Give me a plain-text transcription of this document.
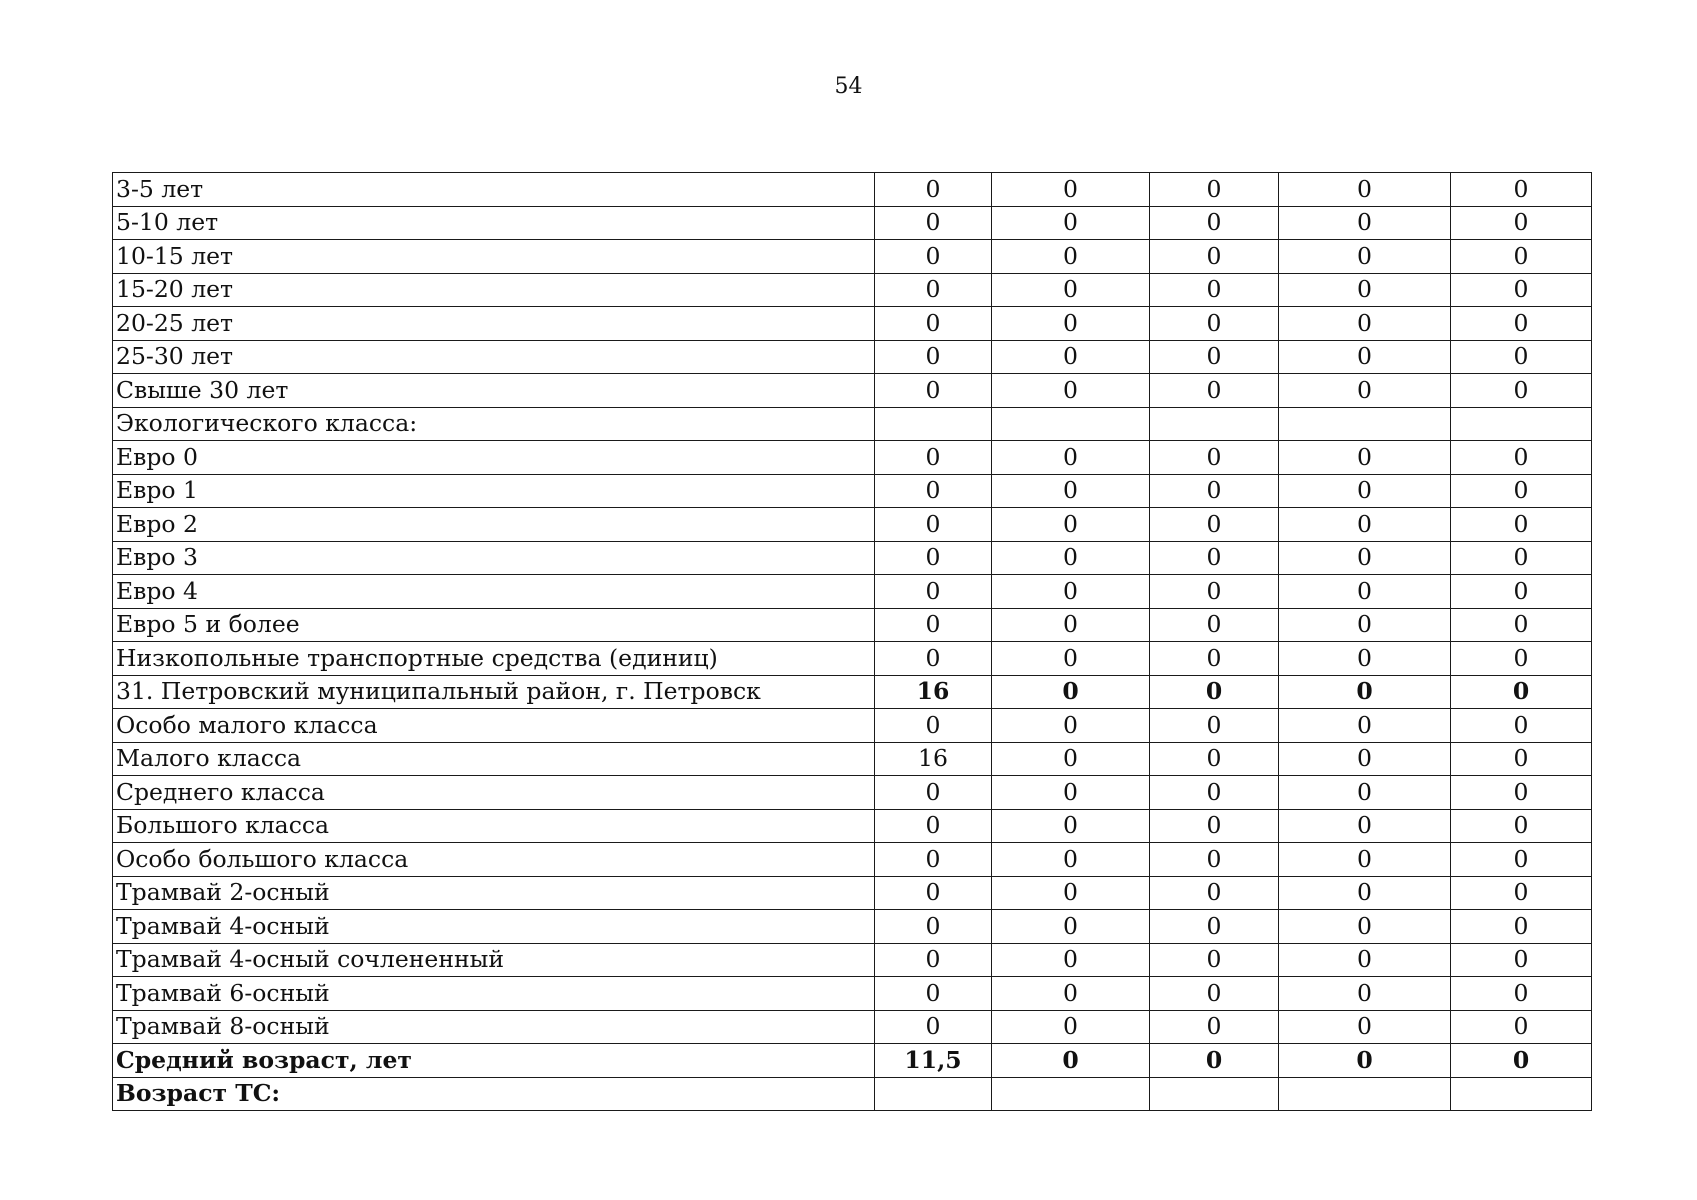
54
3-5 лет	0	0	0	0	0
5-10 лет	0	0	0	0	0
10-15 лет	0	0	0	0	0
15-20 лет	0	0	0	0	0
20-25 лет	0	0	0	0	0
25-30 лет	0	0	0	0	0
Свыше 30 лет	0	0	0	0	0
Экологического класса:					
Евро 0	0	0	0	0	0
Евро 1	0	0	0	0	0
Евро 2	0	0	0	0	0
Евро 3	0	0	0	0	0
Евро 4	0	0	0	0	0
Евро 5 и более	0	0	0	0	0
Низкопольные транспортные средства (единиц)	0	0	0	0	0
31. Петровский муниципальный район, г. Петровск	16	0	0	0	0
Особо малого класса	0	0	0	0	0
Малого класса	16	0	0	0	0
Среднего класса	0	0	0	0	0
Большого класса	0	0	0	0	0
Особо большого класса	0	0	0	0	0
Трамвай 2-осный	0	0	0	0	0
Трамвай 4-осный	0	0	0	0	0
Трамвай 4-осный сочлененный	0	0	0	0	0
Трамвай 6-осный	0	0	0	0	0
Трамвай 8-осный	0	0	0	0	0
Средний возраст, лет	11,5	0	0	0	0
Возраст ТС:					
